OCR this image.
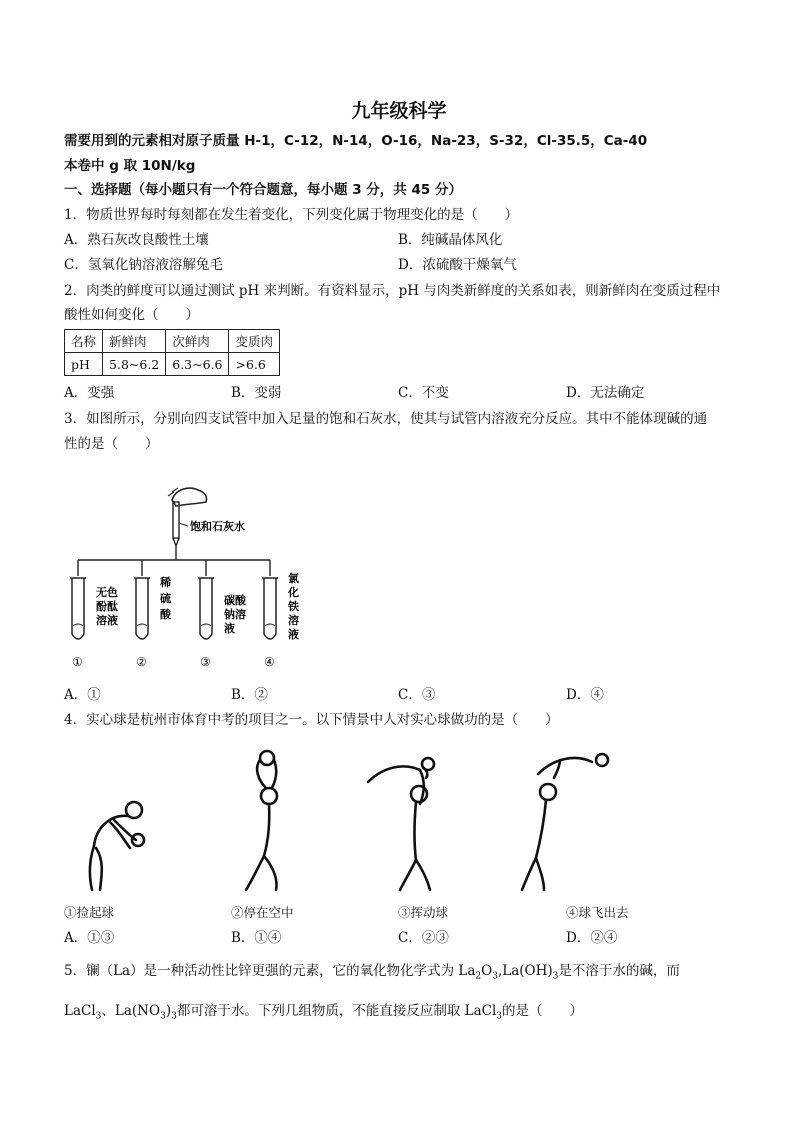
九年级科学
需要用到的元素相对原子质量 H-1，C-12，N-14，O-16，Na-23，S-32，Cl-35.5，Ca-40
本卷中 g 取 10N/kg
一、选择题（每小题只有一个符合题意，每小题 3 分，共 45 分）
1．物质世界每时每刻都在发生着变化，下列变化属于物理变化的是（　　）
A．熟石灰改良酸性土壤	B．纯碱晶体风化
C．氢氧化钠溶液溶解兔毛	D．浓硫酸干燥氧气
2．肉类的鲜度可以通过测试 pH 来判断。有资料显示，pH 与肉类新鲜度的关系如表，则新鲜肉在变质过程中
酸性如何变化（　　）
名称	新鲜肉	次鲜肉	变质肉
pH	5.8~6.2	6.3~6.6	>6.6
A．变强	B．变弱	C．不变	D．无法确定
3．如图所示，分别向四支试管中加入足量的饱和石灰水，使其与试管内溶液充分反应。其中不能体现碱的通
性的是（　　）
饱和石灰水
无色
酚酞
溶液
①
稀
硫
酸
②
碳酸
钠溶
液
③
氯
化
铁
溶
液
④
A．①	B．②	C．③	D．④
4．实心球是杭州市体育中考的项目之一。以下情景中人对实心球做功的是（　　）
①捡起球	②停在空中	③挥动球	④球飞出去
A．①③	B．①④	C．②③	D．②④
5．镧（La）是一种活动性比锌更强的元素，它的氧化物化学式为 $La_2O_3,La(OH)_3$是不溶于水的碱，而
LaCl$_3$、$La(NO_3)_3$都可溶于水。下列几组物质，不能直接反应制取 LaCl$_3$的是（　　）
